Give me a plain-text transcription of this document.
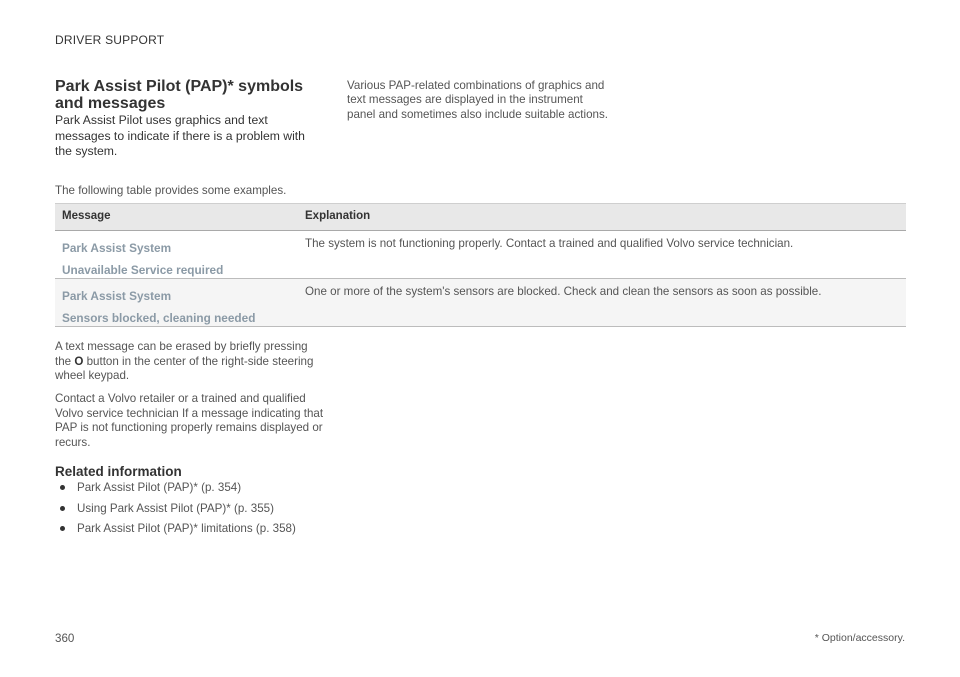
DRIVER SUPPORT
Park Assist Pilot (PAP)* symbols
and messages
Park Assist Pilot uses graphics and text messages to indicate if there is a problem with the system.
Various PAP-related combinations of graphics and text messages are displayed in the instrument panel and sometimes also include suitable actions.
The following table provides some examples.
Message	Explanation
Park Assist System
Unavailable Service required
The system is not functioning properly. Contact a trained and qualified Volvo service technician.
Park Assist System
Sensors blocked, cleaning needed
One or more of the system's sensors are blocked. Check and clean the sensors as soon as possible.
A text message can be erased by briefly pressing the O button in the center of the right-side steering wheel keypad.
Contact a Volvo retailer or a trained and qualified Volvo service technician If a message indicating that PAP is not functioning properly remains displayed or recurs.
Related information
Park Assist Pilot (PAP)* (p. 354)
Using Park Assist Pilot (PAP)* (p. 355)
Park Assist Pilot (PAP)* limitations (p. 358)
360	* Option/accessory.
